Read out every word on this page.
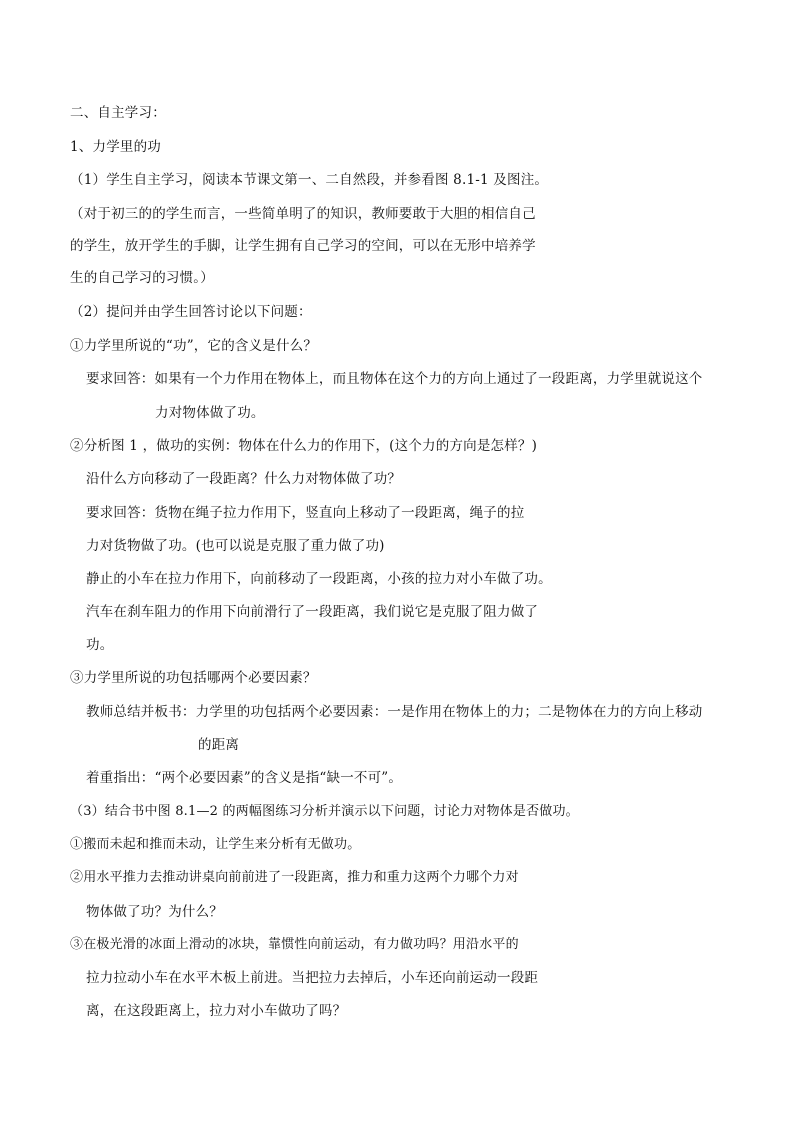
二、自主学习：
1、力学里的功
（1）学生自主学习，阅读本节课文第一、二自然段，并参看图 8.1-1 及图注。
（对于初三的的学生而言，一些简单明了的知识，教师要敢于大胆的相信自己
的学生，放开学生的手脚，让学生拥有自己学习的空间，可以在无形中培养学
生的自己学习的习惯。）
（2）提问并由学生回答讨论以下问题：
①力学里所说的“功”，它的含义是什么？
要求回答：如果有一个力作用在物体上，而且物体在这个力的方向上通过了一段距离，力学里就说这个
力对物体做了功。
②分析图 1 ，做功的实例：物体在什么力的作用下，(这个力的方向是怎样？)
沿什么方向移动了一段距离？什么力对物体做了功？
要求回答：货物在绳子拉力作用下，竖直向上移动了一段距离，绳子的拉
力对货物做了功。(也可以说是克服了重力做了功)
静止的小车在拉力作用下，向前移动了一段距离，小孩的拉力对小车做了功。
汽车在刹车阻力的作用下向前滑行了一段距离，我们说它是克服了阻力做了
功。
③力学里所说的功包括哪两个必要因素？
教师总结并板书：力学里的功包括两个必要因素：一是作用在物体上的力；二是物体在力的方向上移动
的距离
着重指出：“两个必要因素”的含义是指“缺一不可”。
（3）结合书中图 8.1—2 的两幅图练习分析并演示以下问题，讨论力对物体是否做功。
①搬而未起和推而未动，让学生来分析有无做功。
②用水平推力去推动讲桌向前前进了一段距离，推力和重力这两个力哪个力对
物体做了功？为什么？
③在极光滑的冰面上滑动的冰块，靠惯性向前运动，有力做功吗？用沿水平的
拉力拉动小车在水平木板上前进。当把拉力去掉后，小车还向前运动一段距
离，在这段距离上，拉力对小车做功了吗？
